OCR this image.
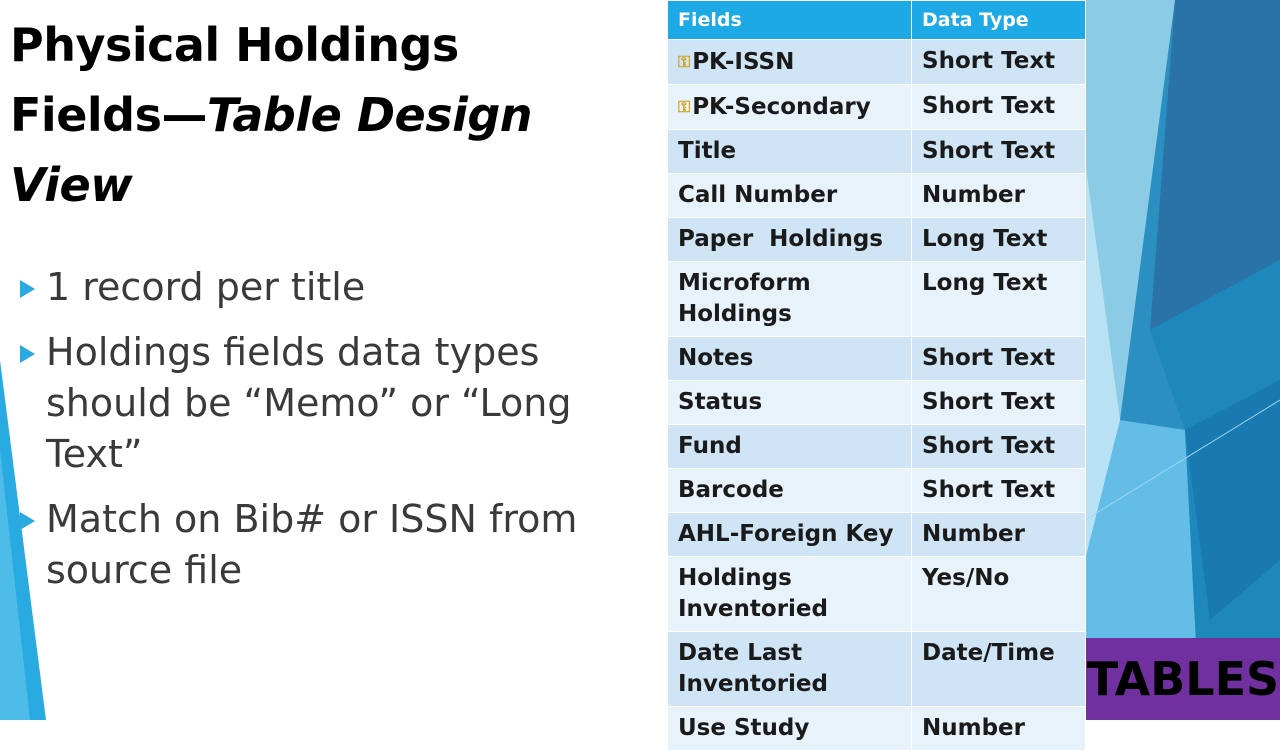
Physical Holdings
Fields—Table Design
View
1 record per title
Holdings fields data types should be “Memo” or “Long Text”
Match on Bib# or ISSN from source file
Fields	Data Type
⚿PK-ISSN	Short Text
⚿PK-Secondary	Short Text
Title	Short Text
Call Number	Number
Paper  Holdings	Long Text
Microform Holdings	Long Text
Notes	Short Text
Status	Short Text
Fund	Short Text
Barcode	Short Text
AHL-Foreign Key	Number
Holdings Inventoried	Yes/No
Date Last Inventoried	Date/Time
Use Study	Number
TABLES
